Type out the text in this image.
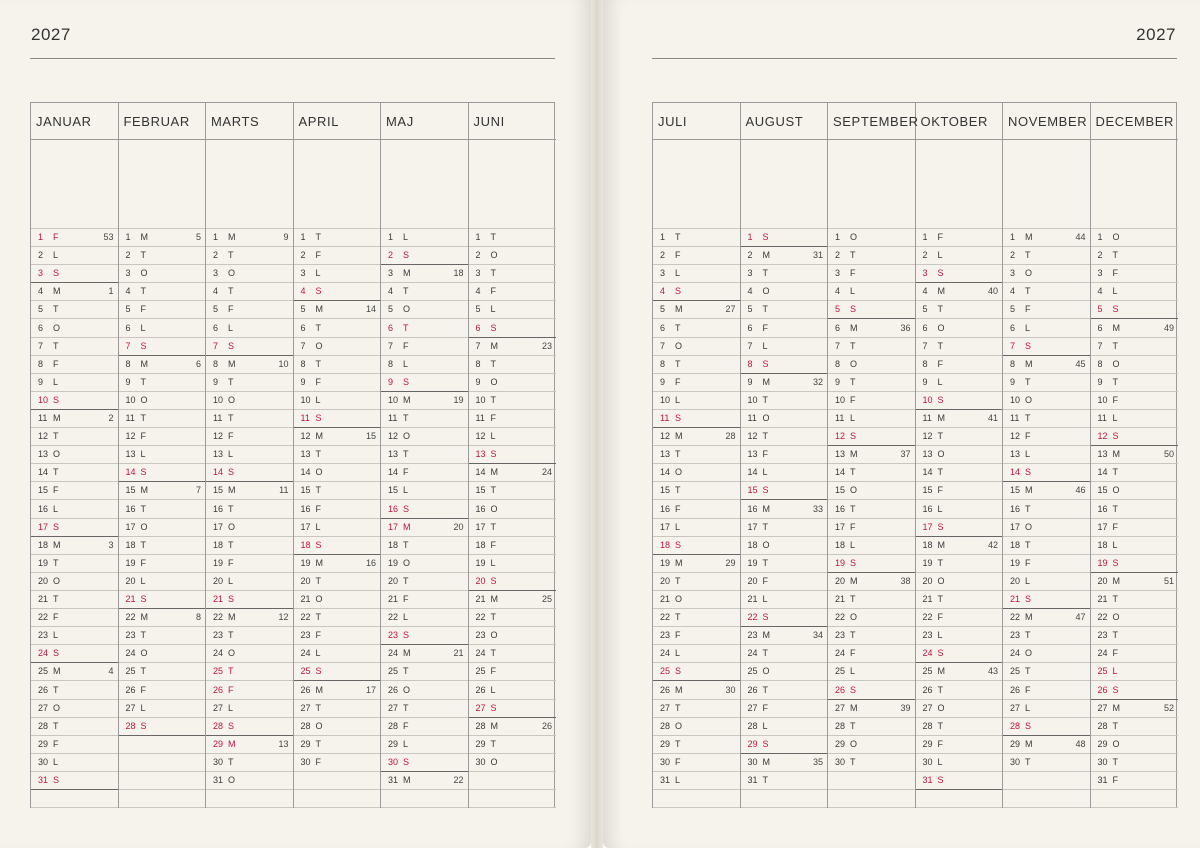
2027
JANUAR
1	F	53
2	L
3	S
4	M	1
5	T
6	O
7	T
8	F
9	L
10 S
11 M	2
12 T
13 O
14 T
15 F
16 L
17 S
18 M	3
19 T
20 O
21 T
22 F
23 L
24 S
25 M	4
26 T
27 O
28 T
29 F
30 L
31 S
FEBRUAR
1	M	5
2	T
3	O
4	T
5	F
6	L
7	S
8	M	6
9	T
10 O
11 T
12 F
13 L
14 S
15 M	7
16 T
17 O
18 T
19 F
20 L
21 S
22 M	8
23 T
24 O
25 T
26 F
27 L
28 S
MARTS
1	M	9
2	T
3	O
4	T
5	F
6	L
7	S
8	M	10
9	T
10 O
11 T
12 F
13 L
14 S
15 M	11
16 T
17 O
18 T
19 F
20 L
21 S
22 M	12
23 T
24 O
25 T
26 F
27 L
28 S
29 M	13
30 T
31 O
APRIL
1	T
2	F
3	L
4	S
5	M	14
6	T
7	O
8	T
9	F
10 L
11 S
12 M	15
13 T
14 O
15 T
16 F
17 L
18 S
19 M	16
20 T
21 O
22 T
23 F
24 L
25 S
26 M	17
27 T
28 O
29 T
30 F
MAJ
1	L
2	S
3	M	18
4	T
5	O
6	T
7	F
8	L
9	S
10 M	19
11 T
12 O
13 T
14 F
15 L
16 S
17 M	20
18 T
19 O
20 T
21 F
22 L
23 S
24 M	21
25 T
26 O
27 T
28 F
29 L
30 S
31 M	22
JUNI
1	T
2	O
3	T
4	F
5	L
6	S
7	M	23
8	T
9	O
10 T
11 F
12 L
13 S
14 M	24
15 T
16 O
17 T
18 F
19 L
20 S
21 M	25
22 T
23 O
24 T
25 F
26 L
27 S
28 M	26
29 T
30 O
2027
JULI
1	T
2	F
3	L
4	S
5	M	27
6	T
7	O
8	T
9	F
10 L
11 S
12 M	28
13 T
14 O
15 T
16 F
17 L
18 S
19 M	29
20 T
21 O
22 T
23 F
24 L
25 S
26 M	30
27 T
28 O
29 T
30 F
31 L
AUGUST
1	S
2	M	31
3	T
4	O
5	T
6	F
7	L
8	S
9	M	32
10 T
11 O
12 T
13 F
14 L
15 S
16 M	33
17 T
18 O
19 T
20 F
21 L
22 S
23 M	34
24 T
25 O
26 T
27 F
28 L
29 S
30 M	35
31 T
SEPTEMBER
1	O
2	T
3	F
4	L
5	S
6	M	36
7	T
8	O
9	T
10 F
11 L
12 S
13 M	37
14 T
15 O
16 T
17 F
18 L
19 S
20 M	38
21 T
22 O
23 T
24 F
25 L
26 S
27 M	39
28 T
29 O
30 T
OKTOBER
1	F
2	L
3	S
4	M	40
5	T
6	O
7	T
8	F
9	L
10 S
11 M	41
12 T
13 O
14 T
15 F
16 L
17 S
18 M	42
19 T
20 O
21 T
22 F
23 L
24 S
25 M	43
26 T
27 O
28 T
29 F
30 L
31 S
NOVEMBER
1	M	44
2	T
3	O
4	T
5	F
6	L
7	S
8	M	45
9	T
10 O
11 T
12 F
13 L
14 S
15 M	46
16 T
17 O
18 T
19 F
20 L
21 S
22 M	47
23 T
24 O
25 T
26 F
27 L
28 S
29 M	48
30 T
DECEMBER
1	O
2	T
3	F
4	L
5	S
6	M	49
7	T
8	O
9	T
10 F
11 L
12 S
13 M	50
14 T
15 O
16 T
17 F
18 L
19 S
20 M	51
21 T
22 O
23 T
24 F
25 L
26 S
27 M	52
28 T
29 O
30 T
31 F
